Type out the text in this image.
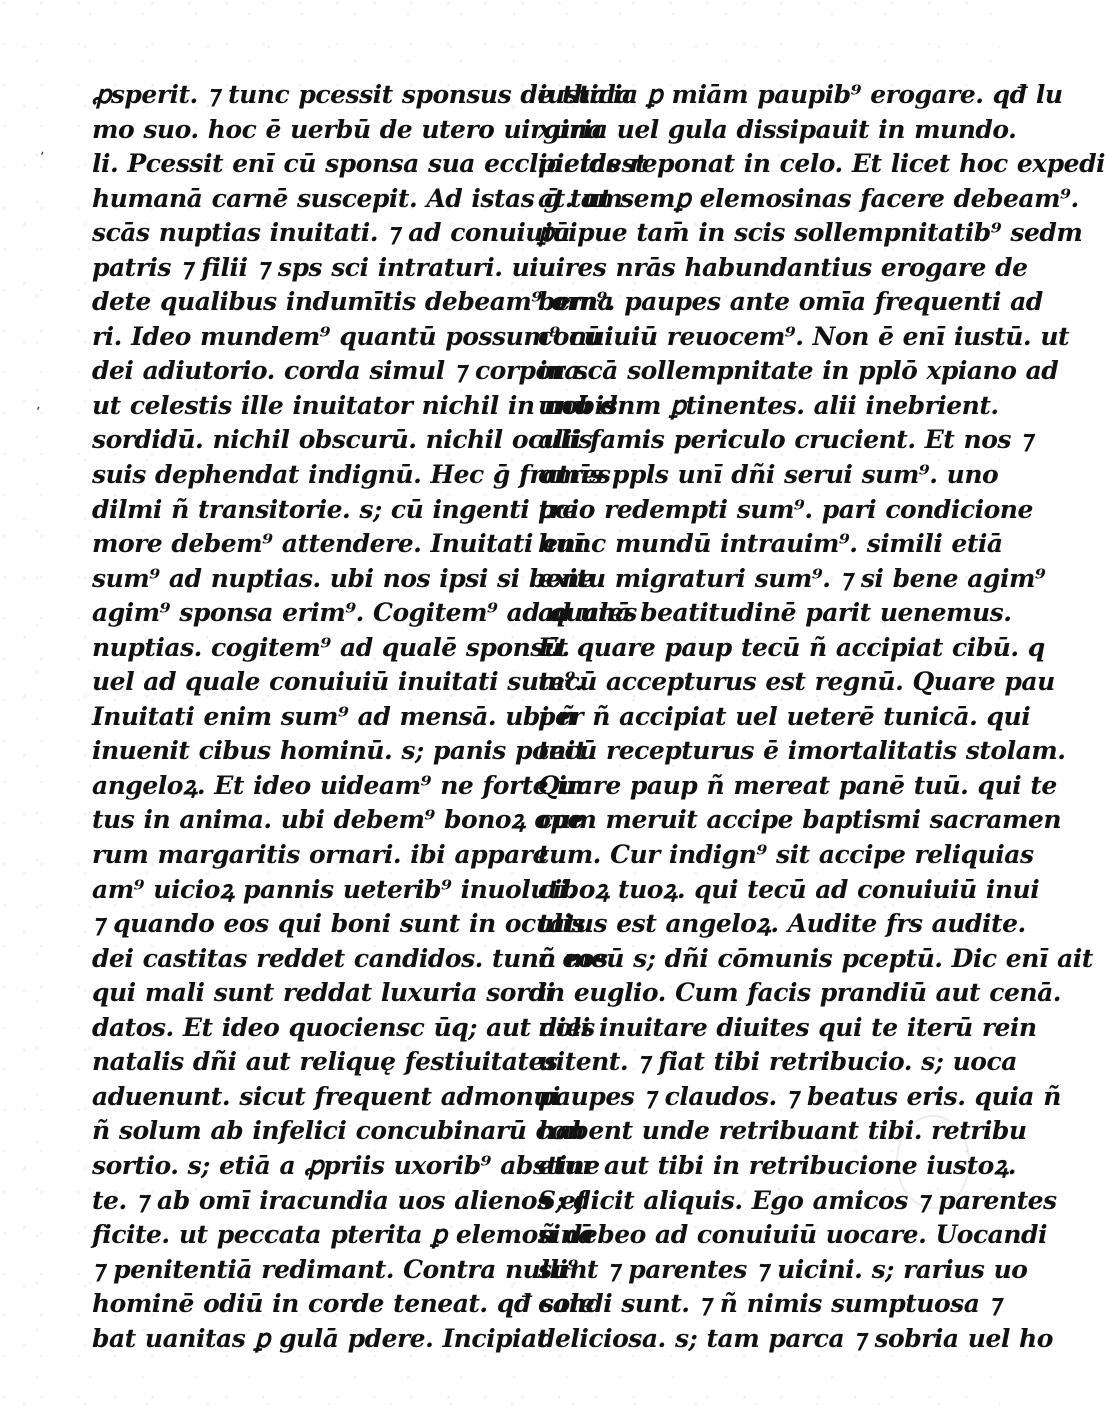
ꝓsperit. ⁊ tunc pcessit sponsus de thala
mo suo. hoc ē uerbū de utero uirgina
li. Pcessit enī cū sponsa sua ecclia. idest
humanā carnē suscepit. Ad istas ḡ tam
scās nuptias inuitati. ⁊ ad conuiuiū
patris ⁊ filii ⁊ sps sci intraturi. ui
dete qualibus indumītis debeam⁹ orna
ri. Ideo mundem⁹ quantū possum⁹ cū
dei adiutorio. corda simul ⁊ corpora.
ut celestis ille inuitator nichil in nobis
sordidū. nichil obscurū. nichil oculis
suis dephendat indignū. Hec ḡ fratres
dilmi ñ transitorie. s; cū ingenti tre
more debem⁹ attendere. Inuitati enī
sum⁹ ad nuptias. ubi nos ipsi si bene
agim⁹ sponsa erim⁹. Cogitem⁹ ad quales
nuptias. cogitem⁹ ad qualē sponsū.
uel ad quale conuiuiū inuitati sum⁹.
Inuitati enim sum⁹ ad mensā. ubi ñ
inuenit cibus hominū. s; panis ponit
angeloꝝ. Et ideo uideam⁹ ne forte in
tus in anima. ubi debem⁹ bonoꝝ ope
rum margaritis ornari. ibi appare
am⁹ uicioꝝ pannis ueterib⁹ inuoluti.
⁊ quando eos qui boni sunt in oculis
dei castitas reddet candidos. tunc eos
qui mali sunt reddat luxuria sordi
datos. Et ideo quociensc ūq; aut dies
natalis dñi aut reliquę festiuitates
aduenunt. sicut frequent admonui
ñ solum ab infelici concubinarū con
sortio. s; etiā a ꝓpriis uxorib⁹ abstine
te. ⁊ ab omī iracundia uos alienos ef
ficite. ut peccata pterita ꝑ elemosinā
⁊ penitentiā redimant. Contra nulli⁹
hominē odiū in corde teneat. qđ sole
bat uanitas ꝑ gulā pdere. Incipiat
iusticia ꝑ miām paupib⁹ erogare. qđ lu
xuria uel gula dissipauit in mundo.
pietas reponat in celo. Et licet hoc expedi
at. ut semꝑ elemosinas facere debeam⁹.
ꝑcipue tam̄ in scis sollempnitatib⁹ sedm
uires nrās habundantius erogare de
bem⁹. paupes ante omīa frequenti ad
conuiuiū reuocem⁹. Non ē enī iustū. ut
in scā sollempnitate in pplō xpiano ad
unū dnm ꝑtinentes. alii inebrient.
alii famis periculo crucient. Et nos ⁊
omīs ppls unī dñi serui sum⁹. uno
pcio redempti sum⁹. pari condicione
hunc mundū intrauim⁹. simili etiā
exitu migraturi sum⁹. ⁊ si bene agim⁹
ad unā beatitudinē parit uenemus.
Et quare paup tecū ñ accipiat cibū. q
tecū accepturus est regnū. Quare pau
per ñ accipiat uel ueterē tunicā. qui
tecū recepturus ē imortalitatis stolam.
Quare paup ñ mereat panē tuū. qui te
cum meruit accipe baptismi sacramen
tum. Cur indign⁹ sit accipe reliquias
ciboꝝ tuoꝝ. qui tecū ad conuiuiū inui
tatus est angeloꝝ. Audite frs audite.
ñ meū s; dñi cōmunis pceptū. Dic enī ait
in euglio. Cum facis prandiū aut cenā.
noli inuitare diuites qui te iterū rein
uitent. ⁊ fiat tibi retribucio. s; uoca
paupes ⁊ claudos. ⁊ beatus eris. quia ñ
habent unde retribuant tibi. retribu
etur aut tibi in retribucione iustoꝝ.
S; dicit aliquis. Ego amicos ⁊ parentes
ñ debeo ad conuiuiū uocare. Uocandi
sunt ⁊ parentes ⁊ uicini. s; rarius uo
candi sunt. ⁊ ñ nimis sumptuosa ⁊
deliciosa. s; tam parca ⁊ sobria uel ho
ʼ
ʼ
